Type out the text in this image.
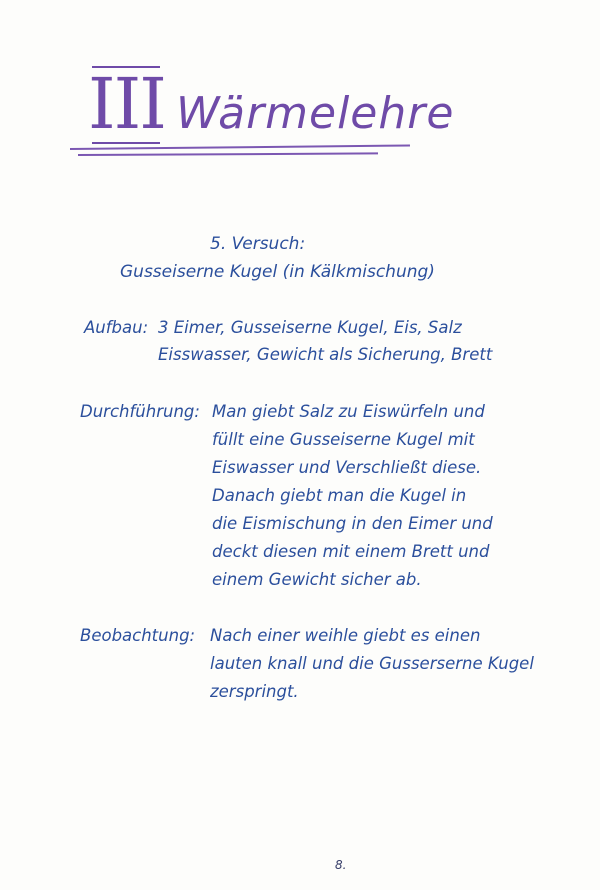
III Wärmelehre
5. Versuch:
Gusseiserne Kugel (in Kälkmischung)
Aufbau: 3 Eimer, Gusseiserne Kugel, Eis, Salz
Eisswasser, Gewicht als Sicherung, Brett
Durchführung: Man giebt Salz zu Eiswürfeln und
füllt eine Gusseiserne Kugel mit
Eiswasser und Verschließt diese.
Danach giebt man die Kugel in
die Eismischung in den Eimer und
deckt diesen mit einem Brett und
einem Gewicht sicher ab.
Beobachtung: Nach einer weihle giebt es einen
lauten knall und die Gusserserne Kugel
zerspringt.
8.
